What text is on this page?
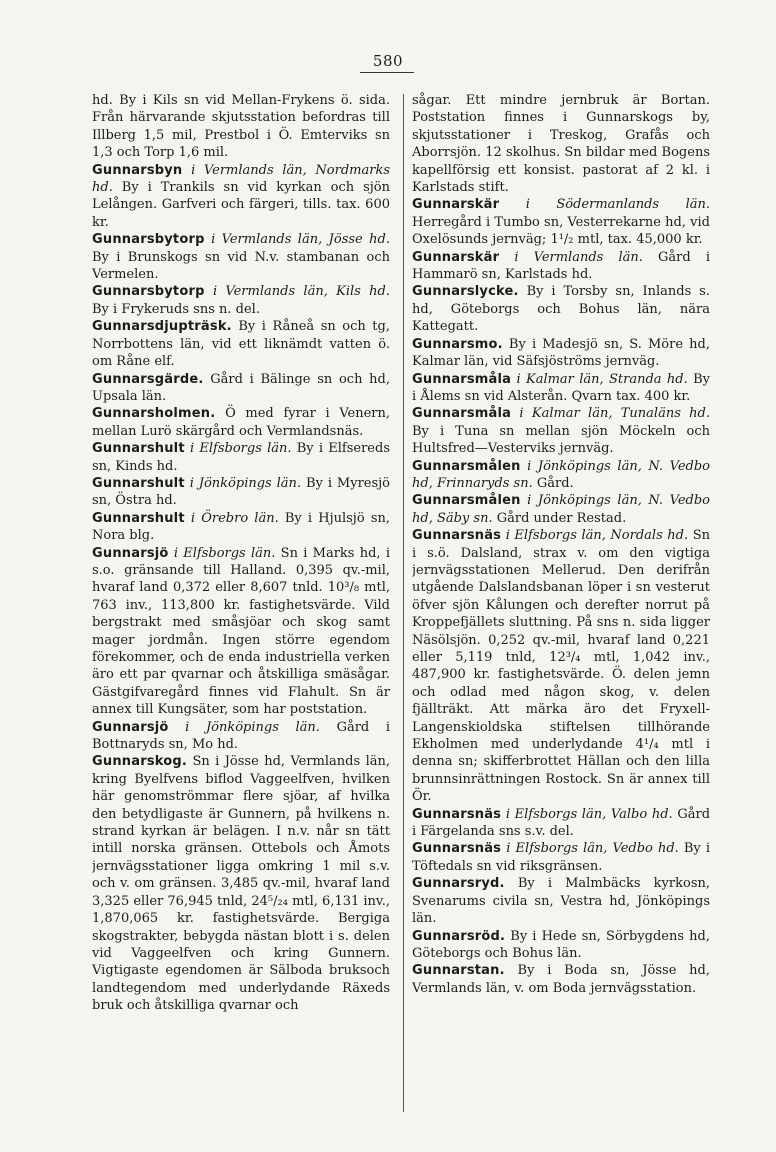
580

hd. By i Kils sn vid Mellan-Frykens ö. sida. Från härvarande skjutsstation befordras till Illberg 1,5 mil, Prestbol i Ö. Emterviks sn 1,3 och Torp 1,6 mil.

Gunnarsbyn i Vermlands län, Nordmarks hd. By i Trankils sn vid kyrkan och sjön Lelången. Garfveri och färgeri, tills. tax. 600 kr.

Gunnarsbytorp i Vermlands län, Jösse hd. By i Brunskogs sn vid N.v. stambanan och Vermelen.

Gunnarsbytorp i Vermlands län, Kils hd. By i Frykeruds sns n. del.

Gunnarsdjupträsk. By i Råneå sn och tg, Norrbottens län, vid ett liknämdt vatten ö. om Råne elf.

Gunnarsgärde. Gård i Bälinge sn och hd, Upsala län.

Gunnarsholmen. Ö med fyrar i Venern, mellan Lurö skärgård och Vermlandsnäs.

Gunnarshult i Elfsborgs län. By i Elfsereds sn, Kinds hd.

Gunnarshult i Jönköpings län. By i Myresjö sn, Östra hd.

Gunnarshult i Örebro län. By i Hjulsjö sn, Nora blg.

Gunnarsjö i Elfsborgs län. Sn i Marks hd, i s.o. gränsande till Halland. 0,395 qv.-mil, hvaraf land 0,372 eller 8,607 tnld. 10³/₈ mtl, 763 inv., 113,800 kr. fastighetsvärde. Vild bergstrakt med småsjöar och skog samt mager jordmån. Ingen större egendom förekommer, och de enda industriella verken äro ett par qvarnar och åtskilliga smäsågar. Gästgifvaregård finnes vid Flahult. Sn är annex till Kungsäter, som har poststation.

Gunnarsjö i Jönköpings län. Gård i Bottnaryds sn, Mo hd.

Gunnarskog. Sn i Jösse hd, Vermlands län, kring Byelfvens biflod Vaggeelfven, hvilken här genomströmmar flere sjöar, af hvilka den betydligaste är Gunnern, på hvilkens n. strand kyrkan är belägen. I n.v. når sn tätt intill norska gränsen. Ottebols och Åmots jernvägsstationer ligga omkring 1 mil s.v. och v. om gränsen. 3,485 qv.-mil, hvaraf land 3,325 eller 76,945 tnld, 24⁵/₂₄ mtl, 6,131 inv., 1,870,065 kr. fastighetsvärde. Bergiga skogstrakter, bebygda nästan blott i s. delen vid Vaggeelfven och kring Gunnern. Vigtigaste egendomen är Sälboda bruksoch landtegendom med underlydande Räxeds bruk och åtskilliga qvarnar och

sågar. Ett mindre jernbruk är Bortan. Poststation finnes i Gunnarskogs by, skjutsstationer i Treskog, Grafås och Aborrsjön. 12 skolhus. Sn bildar med Bogens kapellförsig ett konsist. pastorat af 2 kl. i Karlstads stift.

Gunnarskär i Södermanlands län. Herregård i Tumbo sn, Vesterrekarne hd, vid Oxelösunds jernväg; 1¹/₂ mtl, tax. 45,000 kr.

Gunnarskär i Vermlands län. Gård i Hammarö sn, Karlstads hd.

Gunnarslycke. By i Torsby sn, Inlands s. hd, Göteborgs och Bohus län, nära Kattegatt.

Gunnarsmo. By i Madesjö sn, S. Möre hd, Kalmar län, vid Säfsjöströms jernväg.

Gunnarsmåla i Kalmar län, Stranda hd. By i Ålems sn vid Alsterån. Qvarn tax. 400 kr.

Gunnarsmåla i Kalmar län, Tunaläns hd. By i Tuna sn mellan sjön Möckeln och Hultsfred—Vesterviks jernväg.

Gunnarsmålen i Jönköpings län, N. Vedbo hd, Frinnaryds sn. Gård.

Gunnarsmålen i Jönköpings län, N. Vedbo hd, Säby sn. Gård under Restad.

Gunnarsnäs i Elfsborgs län, Nordals hd. Sn i s.ö. Dalsland, strax v. om den vigtiga jernvägsstationen Mellerud. Den derifrån utgående Dalslandsbanan löper i sn vesterut öfver sjön Kålungen och derefter norrut på Kroppefjällets sluttning. På sns n. sida ligger Näsölsjön. 0,252 qv.-mil, hvaraf land 0,221 eller 5,119 tnld, 12³/₄ mtl, 1,042 inv., 487,900 kr. fastighetsvärde. Ö. delen jemn och odlad med någon skog, v. delen fjällträkt. Att märka äro det Fryxell-Langenskioldska stiftelsen tillhörande Ekholmen med underlydande 4¹/₄ mtl i denna sn; skifferbrottet Hällan och den lilla brunnsinrättningen Rostock. Sn är annex till Ör.

Gunnarsnäs i Elfsborgs län, Valbo hd. Gård i Färgelanda sns s.v. del.

Gunnarsnäs i Elfsborgs län, Vedbo hd. By i Töftedals sn vid riksgränsen.

Gunnarsryd. By i Malmbäcks kyrkosn, Svenarums civila sn, Vestra hd, Jönköpings län.

Gunnarsröd. By i Hede sn, Sörbygdens hd, Göteborgs och Bohus län.

Gunnarstan. By i Boda sn, Jösse hd, Vermlands län, v. om Boda jernvägsstation.
